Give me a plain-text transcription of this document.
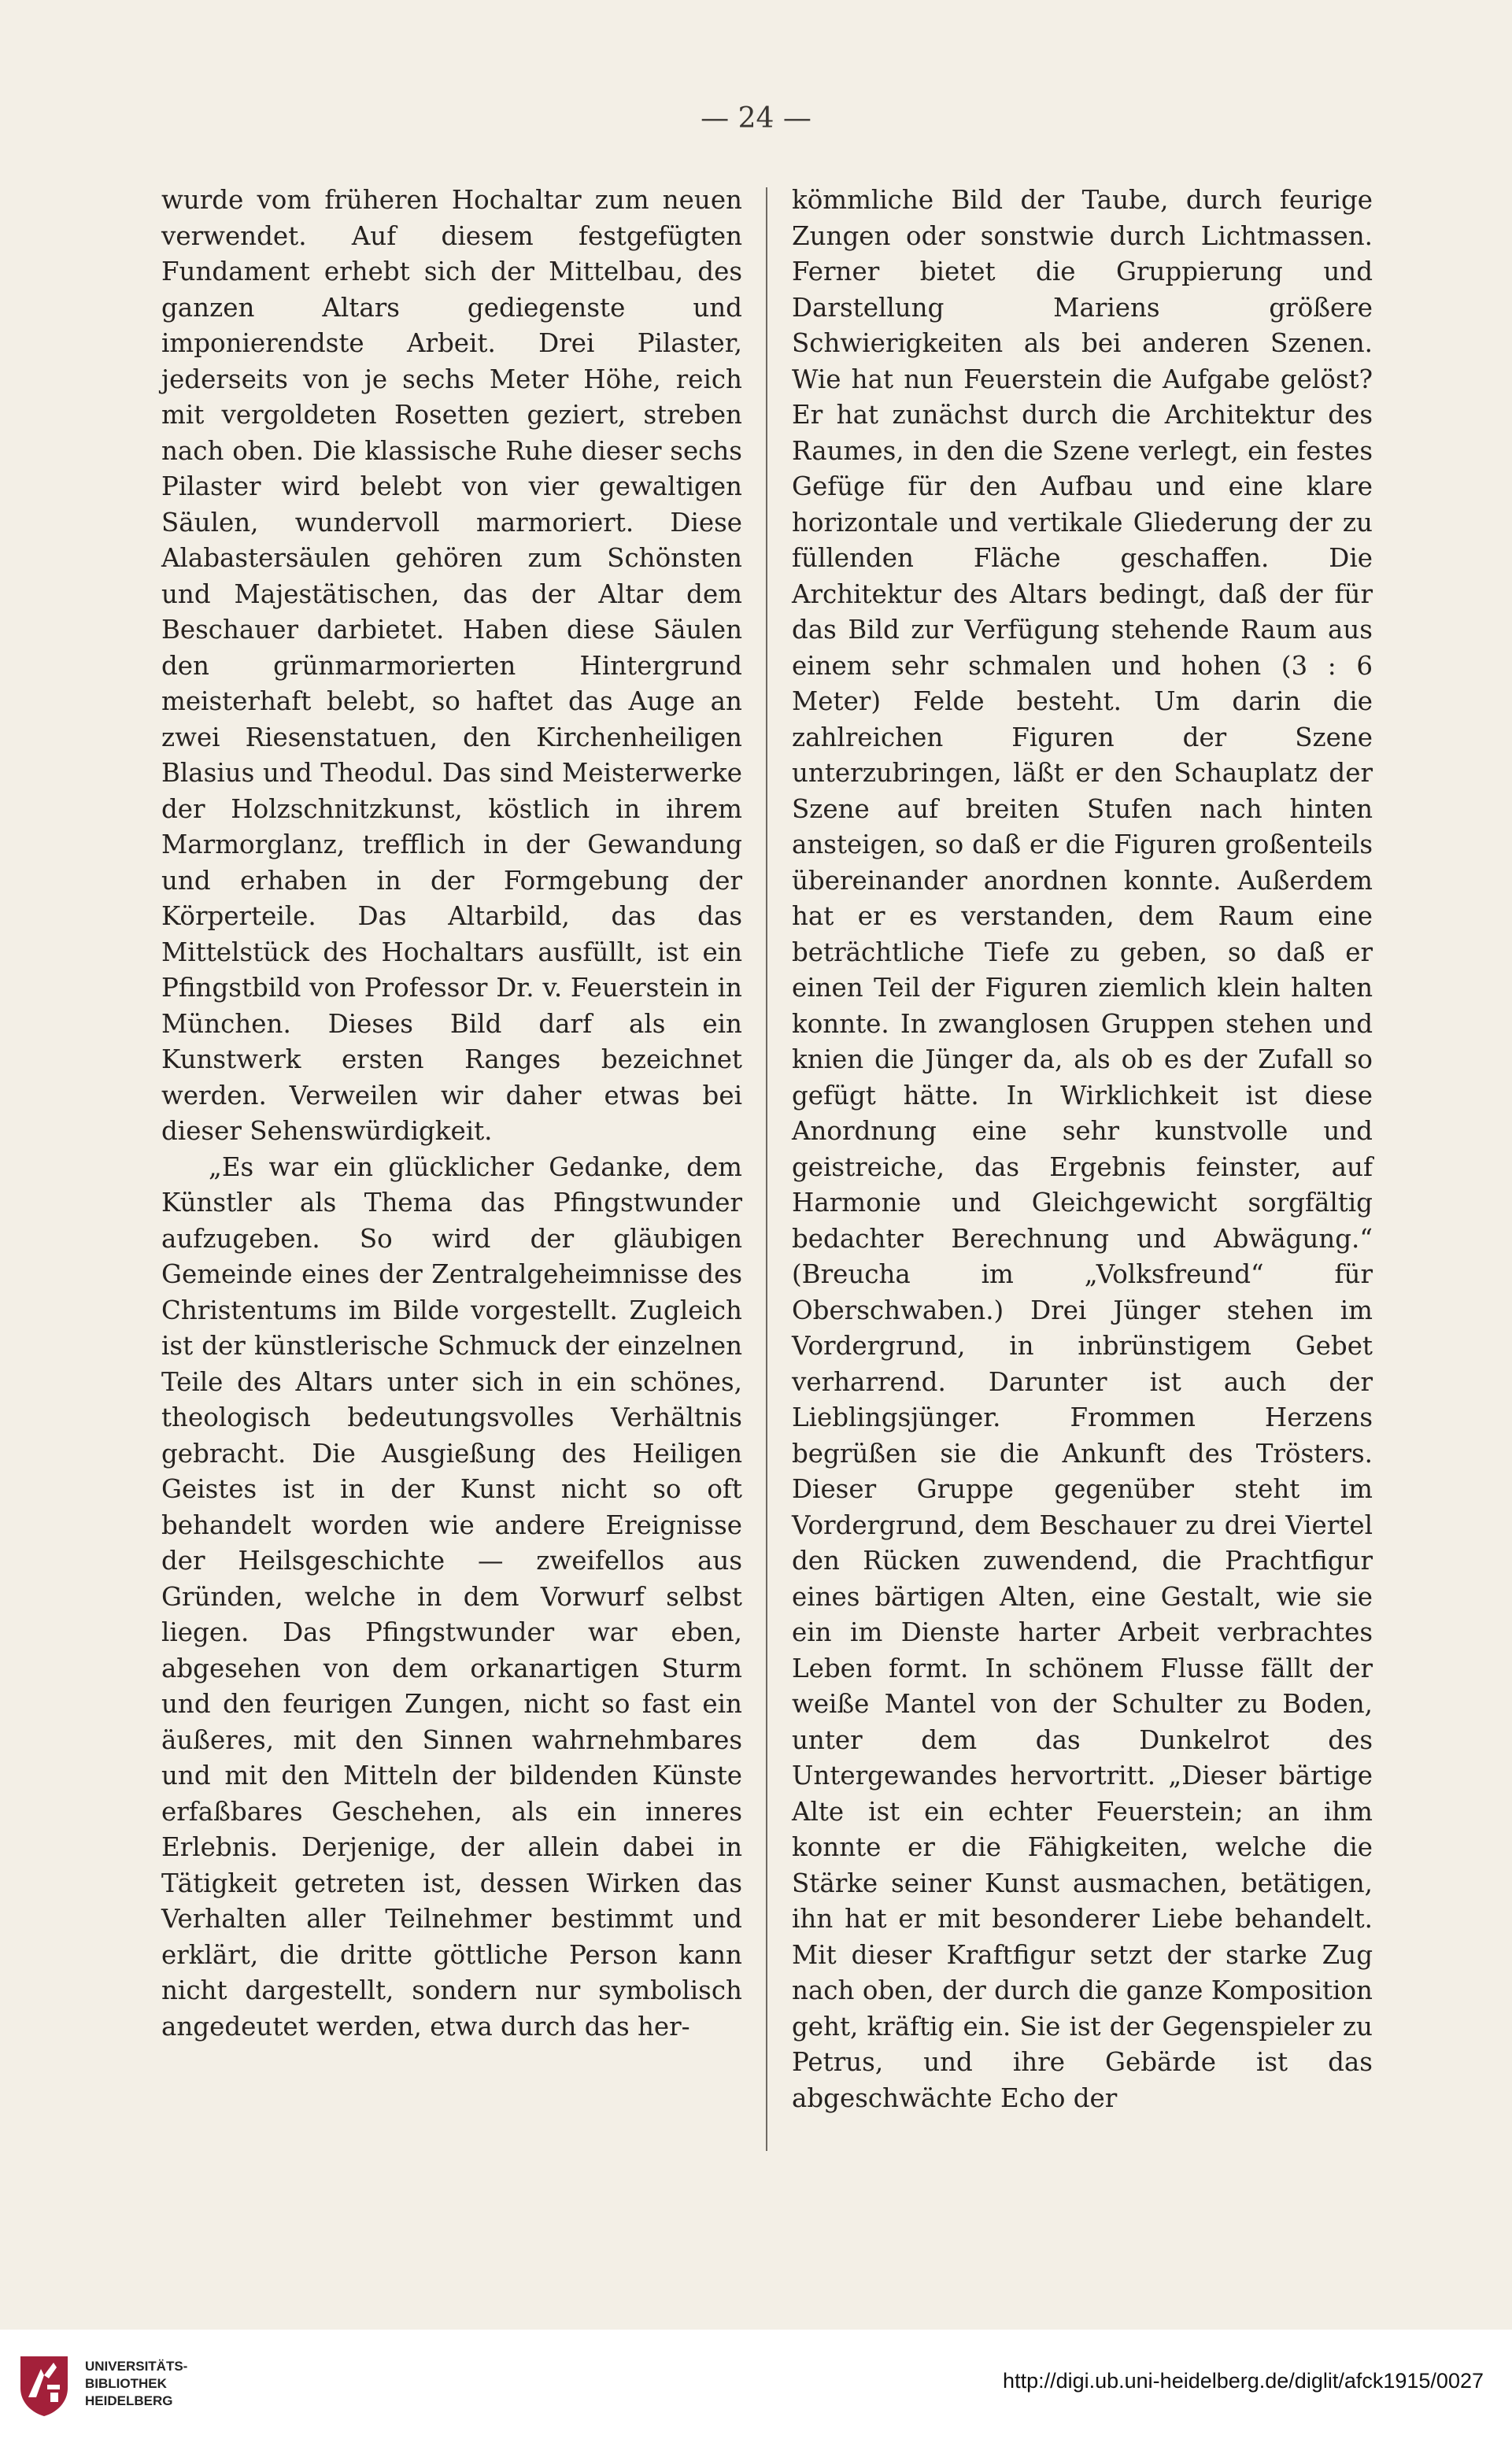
— 24 —

wurde vom früheren Hochaltar zum neuen verwendet. Auf diesem festgefügten Fundament erhebt sich der Mittelbau, des ganzen Altars gediegenste und imponierendste Arbeit. Drei Pilaster, jederseits von je sechs Meter Höhe, reich mit vergoldeten Rosetten geziert, streben nach oben. Die klassische Ruhe dieser sechs Pilaster wird belebt von vier gewaltigen Säulen, wundervoll marmoriert. Diese Alabastersäulen gehören zum Schönsten und Majestätischen, das der Altar dem Beschauer darbietet. Haben diese Säulen den grünmarmorierten Hintergrund meisterhaft belebt, so haftet das Auge an zwei Riesenstatuen, den Kirchenheiligen Blasius und Theodul. Das sind Meisterwerke der Holzschnitzkunst, köstlich in ihrem Marmorglanz, trefflich in der Gewandung und erhaben in der Formgebung der Körperteile. Das Altarbild, das das Mittelstück des Hochaltars ausfüllt, ist ein Pfingstbild von Professor Dr. v. Feuerstein in München. Dieses Bild darf als ein Kunstwerk ersten Ranges bezeichnet werden. Verweilen wir daher etwas bei dieser Sehenswürdigkeit.

„Es war ein glücklicher Gedanke, dem Künstler als Thema das Pfingstwunder aufzugeben. So wird der gläubigen Gemeinde eines der Zentralgeheimnisse des Christentums im Bilde vorgestellt. Zugleich ist der künstlerische Schmuck der einzelnen Teile des Altars unter sich in ein schönes, theologisch bedeutungsvolles Verhältnis gebracht. Die Ausgießung des Heiligen Geistes ist in der Kunst nicht so oft behandelt worden wie andere Ereignisse der Heilsgeschichte — zweifellos aus Gründen, welche in dem Vorwurf selbst liegen. Das Pfingstwunder war eben, abgesehen von dem orkanartigen Sturm und den feurigen Zungen, nicht so fast ein äußeres, mit den Sinnen wahrnehmbares und mit den Mitteln der bildenden Künste erfaßbares Geschehen, als ein inneres Erlebnis. Derjenige, der allein dabei in Tätigkeit getreten ist, dessen Wirken das Verhalten aller Teilnehmer bestimmt und erklärt, die dritte göttliche Person kann nicht dargestellt, sondern nur symbolisch angedeutet werden, etwa durch das her-

kömmliche Bild der Taube, durch feurige Zungen oder sonstwie durch Lichtmassen. Ferner bietet die Gruppierung und Darstellung Mariens größere Schwierigkeiten als bei anderen Szenen. Wie hat nun Feuerstein die Aufgabe gelöst? Er hat zunächst durch die Architektur des Raumes, in den die Szene verlegt, ein festes Gefüge für den Aufbau und eine klare horizontale und vertikale Gliederung der zu füllenden Fläche geschaffen. Die Architektur des Altars bedingt, daß der für das Bild zur Verfügung stehende Raum aus einem sehr schmalen und hohen (3 : 6 Meter) Felde besteht. Um darin die zahlreichen Figuren der Szene unterzubringen, läßt er den Schauplatz der Szene auf breiten Stufen nach hinten ansteigen, so daß er die Figuren großenteils übereinander anordnen konnte. Außerdem hat er es verstanden, dem Raum eine beträchtliche Tiefe zu geben, so daß er einen Teil der Figuren ziemlich klein halten konnte. In zwanglosen Gruppen stehen und knien die Jünger da, als ob es der Zufall so gefügt hätte. In Wirklichkeit ist diese Anordnung eine sehr kunstvolle und geistreiche, das Ergebnis feinster, auf Harmonie und Gleichgewicht sorgfältig bedachter Berechnung und Abwägung.“ (Breucha im „Volksfreund“ für Oberschwaben.) Drei Jünger stehen im Vordergrund, in inbrünstigem Gebet verharrend. Darunter ist auch der Lieblingsjünger. Frommen Herzens begrüßen sie die Ankunft des Trösters. Dieser Gruppe gegenüber steht im Vordergrund, dem Beschauer zu drei Viertel den Rücken zuwendend, die Prachtfigur eines bärtigen Alten, eine Gestalt, wie sie ein im Dienste harter Arbeit verbrachtes Leben formt. In schönem Flusse fällt der weiße Mantel von der Schulter zu Boden, unter dem das Dunkelrot des Untergewandes hervortritt. „Dieser bärtige Alte ist ein echter Feuerstein; an ihm konnte er die Fähigkeiten, welche die Stärke seiner Kunst ausmachen, betätigen, ihn hat er mit besonderer Liebe behandelt. Mit dieser Kraftfigur setzt der starke Zug nach oben, der durch die ganze Komposition geht, kräftig ein. Sie ist der Gegenspieler zu Petrus, und ihre Gebärde ist das abgeschwächte Echo der

UNIVERSITÄTS-
BIBLIOTHEK
HEIDELBERG
http://digi.ub.uni-heidelberg.de/diglit/afck1915/0027
